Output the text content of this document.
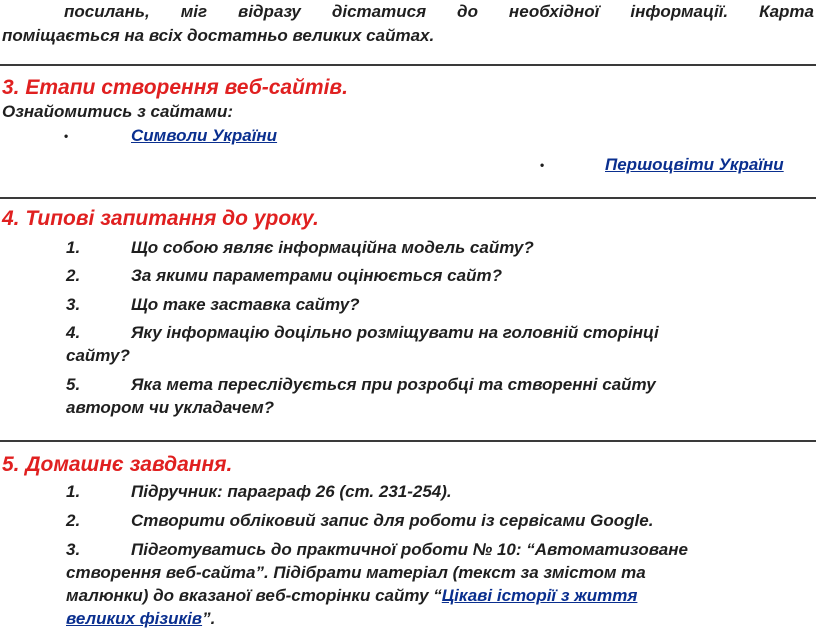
посилань, міг відразу дістатися до необхідної інформації. Карта
поміщається на всіх достатньо великих сайтах.
3. Етапи створення веб-сайтів.
Ознайомитись з сайтами:
•	Символи України
•	Першоцвіти України
4. Типові запитання до уроку.
1.	Що собою являє інформаційна модель сайту?
2.	За якими параметрами оцінюється сайт?
3.	Що таке заставка сайту?
4.	Яку інформацію доцільно розміщувати на головній сторінці
сайту?
5.	Яка мета переслідується при розробці та створенні сайту
автором чи укладачем?
5. Домашнє завдання.
1.	Підручник: параграф 26 (ст. 231-254).
2.	Створити обліковий запис для роботи із сервісами Google.
3.	Підготуватись до практичної роботи № 10: “Автоматизоване
створення веб-сайта”. Підібрати матеріал (текст за змістом та
малюнки) до вказаної веб-сторінки сайту “Цікаві історії з життя
великих фізиків”.
